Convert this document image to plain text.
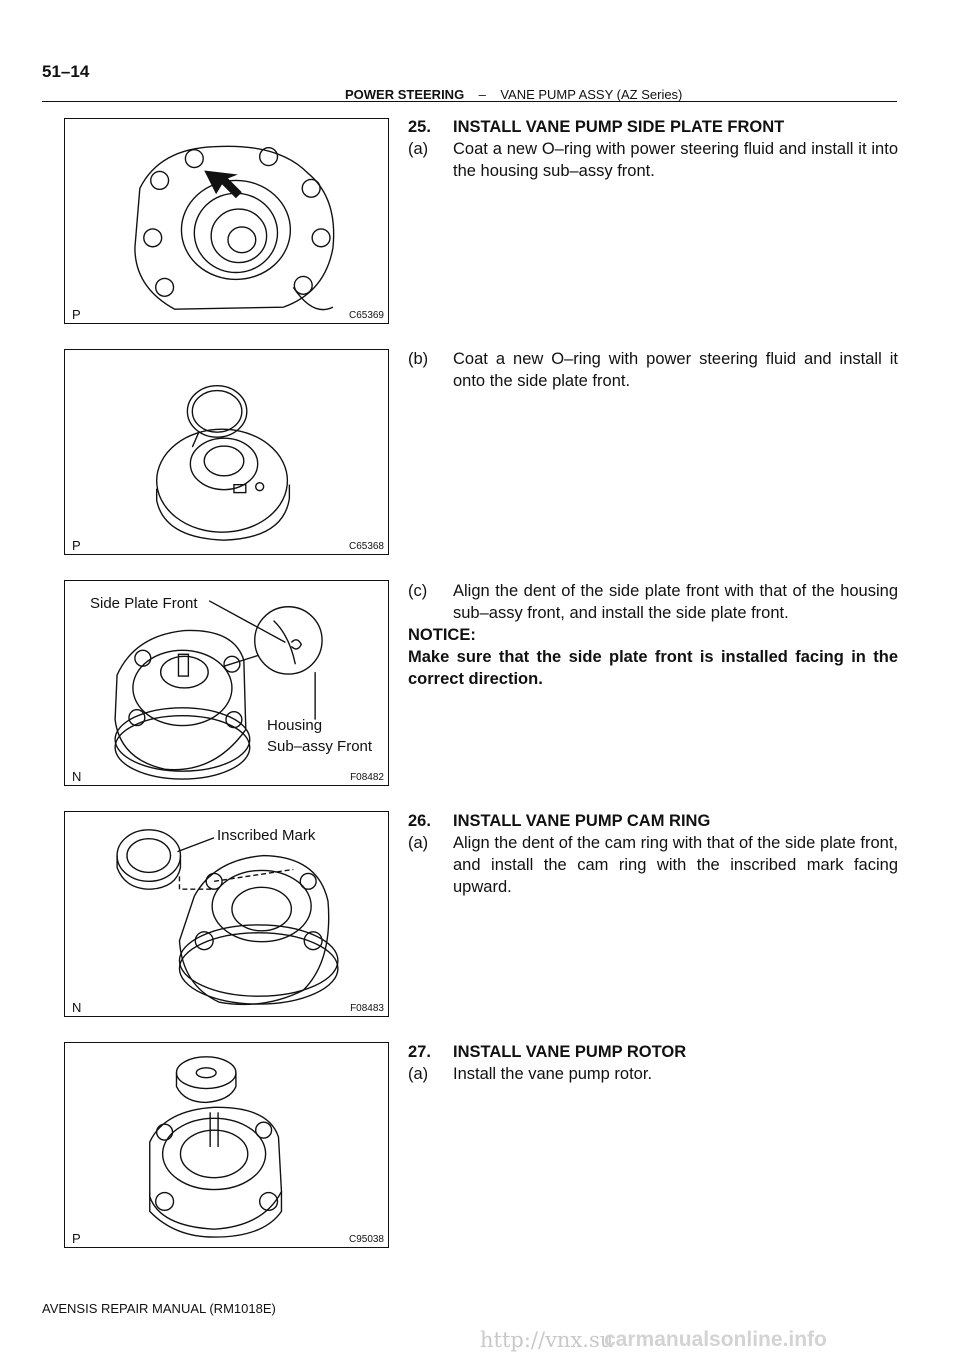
51–14
POWER STEERING – VANE PUMP ASSY (AZ Series)
P	C65369
P	C65368
Side Plate Front
Housing
Sub–assy Front
N	F08482
Inscribed Mark
N	F08483
P	C95038
25.	INSTALL VANE PUMP SIDE PLATE FRONT
(a)	Coat a new O–ring with power steering fluid and install it into the housing sub–assy front.
(b)	Coat a new O–ring with power steering fluid and install it onto the side plate front.
(c)	Align the dent of the side plate front with that of the housing sub–assy front, and install the side plate front.
NOTICE:
Make sure that the side plate front is installed facing in the correct direction.
26.	INSTALL VANE PUMP CAM RING
(a)	Align the dent of the cam ring with that of the side plate front, and install the cam ring with the inscribed mark facing upward.
27.	INSTALL VANE PUMP ROTOR
(a)	Install the vane pump rotor.
AVENSIS REPAIR MANUAL (RM1018E)
http://vnx.su
carmanualsonline.info
